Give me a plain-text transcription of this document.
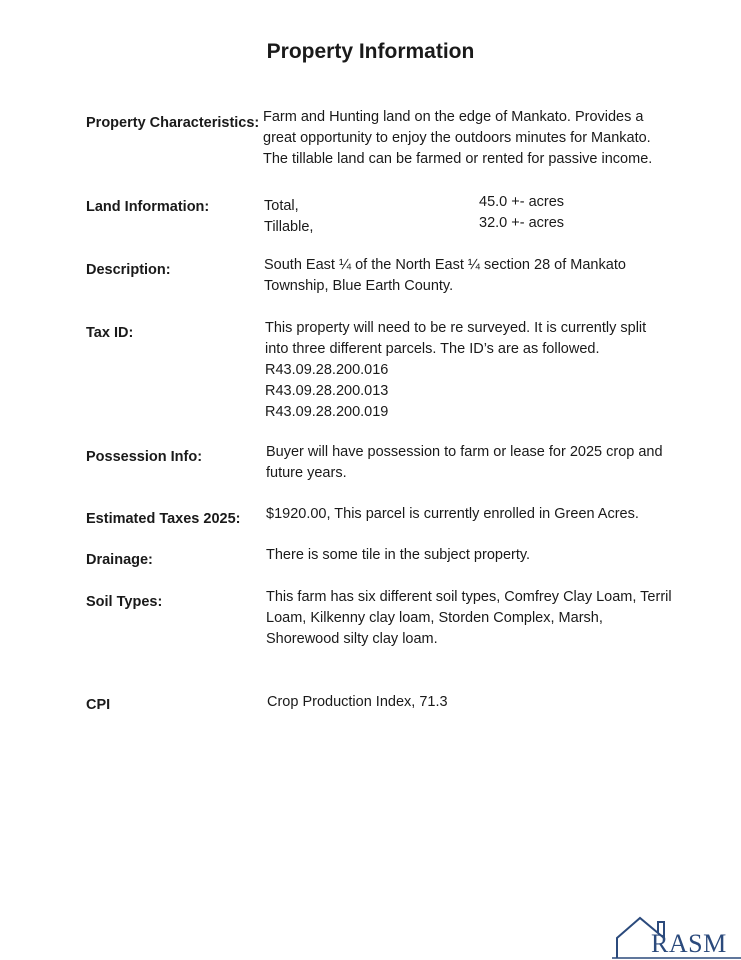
Property Information
Property Characteristics: Farm and Hunting land on the edge of Mankato. Provides a
great opportunity to enjoy the outdoors minutes for Mankato.
The tillable land can be farmed or rented for passive income.
Land Information:	Total,	45.0 +- acres
Tillable,	32.0 +- acres
Description:	South East ¼ of the North East ¼ section 28 of Mankato
Township, Blue Earth County.
Tax ID:	This property will need to be re surveyed. It is currently split
into three different parcels. The ID’s are as followed.
R43.09.28.200.016
R43.09.28.200.013
R43.09.28.200.019
Possession Info:	Buyer will have possession to farm or lease for 2025 crop and
future years.
Estimated Taxes 2025: $1920.00, This parcel is currently enrolled in Green Acres.
Drainage:	There is some tile in the subject property.
Soil Types:	This farm has six different soil types, Comfrey Clay Loam, Terril
Loam, Kilkenny clay loam, Storden Complex, Marsh,
Shorewood silty clay loam.
CPI	Crop Production Index, 71.3
RASM
